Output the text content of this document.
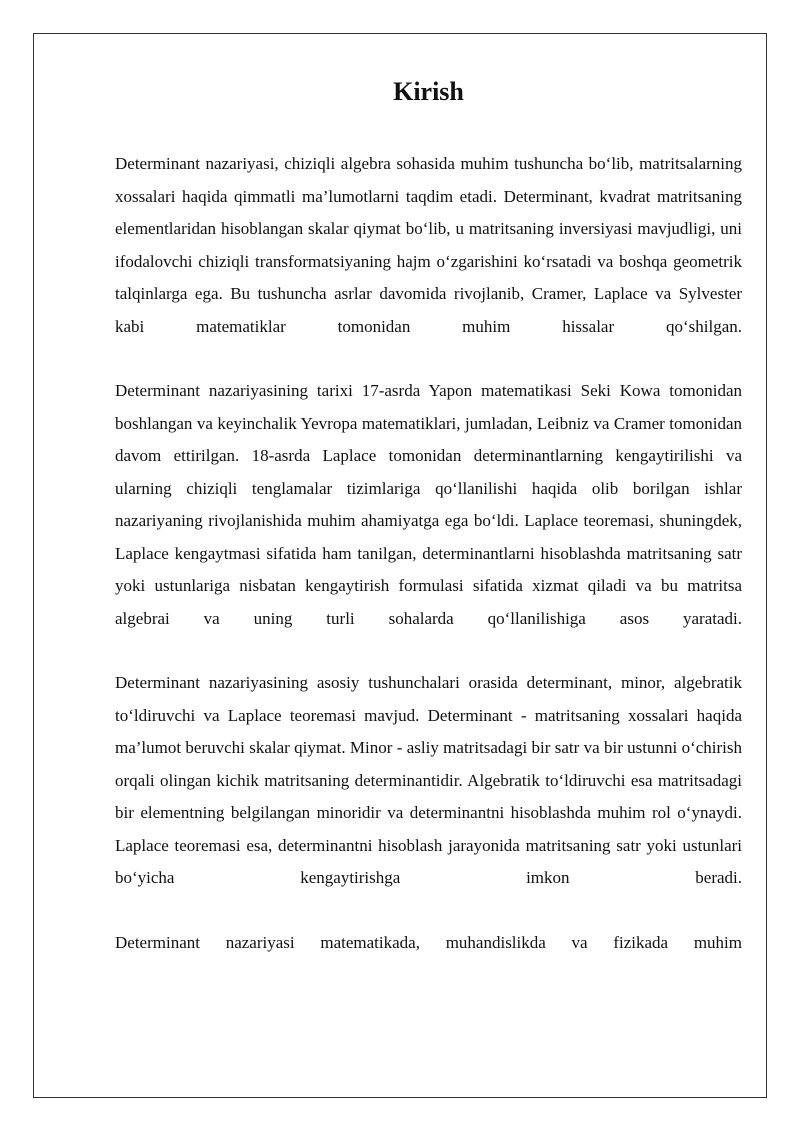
Kirish

Determinant nazariyasi, chiziqli algebra sohasida muhim tushuncha bo‘lib, matritsalarning xossalari haqida qimmatli ma’lumotlarni taqdim etadi. Determinant, kvadrat matritsaning elementlaridan hisoblangan skalar qiymat bo‘lib, u matritsaning inversiyasi mavjudligi, uni ifodalovchi chiziqli transformatsiyaning hajm o‘zgarishini ko‘rsatadi va boshqa geometrik talqinlarga ega. Bu tushuncha asrlar davomida rivojlanib, Cramer, Laplace va Sylvester kabi matematiklar tomonidan muhim hissalar qo‘shilgan.

Determinant nazariyasining tarixi 17-asrda Yapon matematikasi Seki Kowa tomonidan boshlangan va keyinchalik Yevropa matematiklari, jumladan, Leibniz va Cramer tomonidan davom ettirilgan. 18-asrda Laplace tomonidan determinantlarning kengaytirilishi va ularning chiziqli tenglamalar tizimlariga qo‘llanilishi haqida olib borilgan ishlar nazariyaning rivojlanishida muhim ahamiyatga ega bo‘ldi. Laplace teoremasi, shuningdek, Laplace kengaytmasi sifatida ham tanilgan, determinantlarni hisoblashda matritsaning satr yoki ustunlariga nisbatan kengaytirish formulasi sifatida xizmat qiladi va bu matritsa algebrai va uning turli sohalarda qo‘llanilishiga asos yaratadi.

Determinant nazariyasining asosiy tushunchalari orasida determinant, minor, algebratik to‘ldiruvchi va Laplace teoremasi mavjud. Determinant - matritsaning xossalari haqida ma’lumot beruvchi skalar qiymat. Minor - asliy matritsadagi bir satr va bir ustunni o‘chirish orqali olingan kichik matritsaning determinantidir. Algebratik to‘ldiruvchi esa matritsadagi bir elementning belgilangan minoridir va determinantni hisoblashda muhim rol o‘ynaydi. Laplace teoremasi esa, determinantni hisoblash jarayonida matritsaning satr yoki ustunlari bo‘yicha kengaytirishga imkon beradi.

Determinant nazariyasi matematikada, muhandislikda va fizikada muhim
